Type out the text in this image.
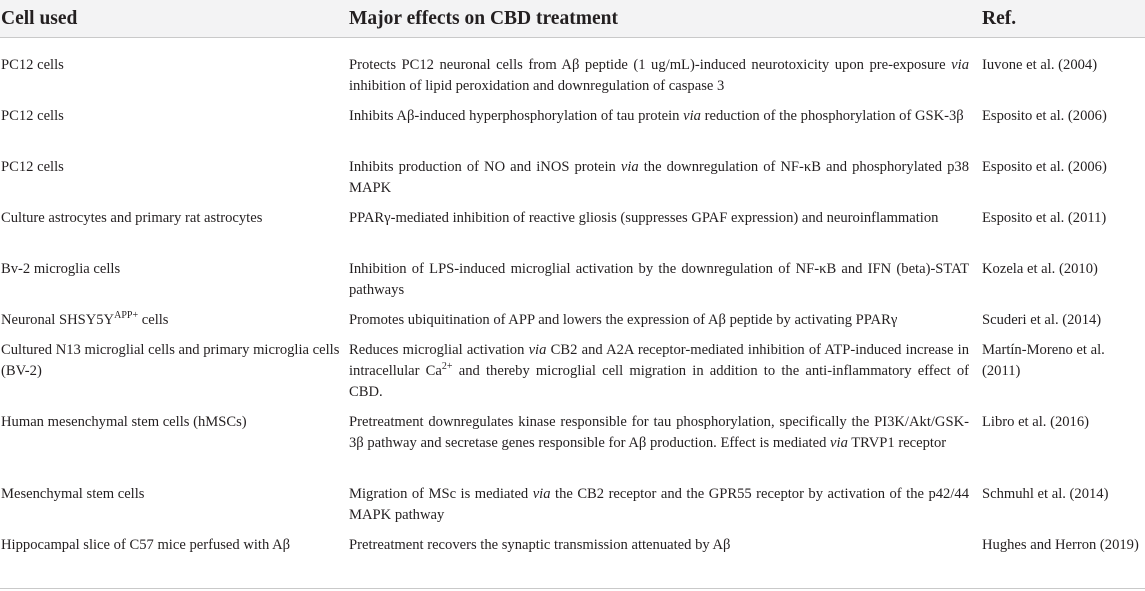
Cell used	Major effects on CBD treatment	Ref.
PC12 cells	Protects PC12 neuronal cells from Aβ peptide (1 ug/mL)-induced neurotoxicity upon pre-exposure via inhibition of lipid peroxidation and downregulation of caspase 3	Iuvone et al. (2004)
PC12 cells	Inhibits Aβ-induced hyperphosphorylation of tau protein via reduction of the phosphorylation of GSK-3β	Esposito et al. (2006)
PC12 cells	Inhibits production of NO and iNOS protein via the downregulation of NF-κB and phosphorylated p38 MAPK	Esposito et al. (2006)
Culture astrocytes and primary rat astrocytes	PPARγ-mediated inhibition of reactive gliosis (suppresses GPAF expression) and neuroinflammation	Esposito et al. (2011)
Bv-2 microglia cells	Inhibition of LPS-induced microglial activation by the downregulation of NF-κB and IFN (beta)-STAT pathways	Kozela et al. (2010)
Neuronal $SHSY5Y^{APP+}$ cells	Promotes ubiquitination of APP and lowers the expression of Aβ peptide by activating PPARγ	Scuderi et al. (2014)
Cultured N13 microglial cells and primary microglia cells (BV-2)	Reduces microglial activation via CB2 and A2A receptor-mediated inhibition of ATP-induced increase in intracellular $Ca^{2+}$ and thereby microglial cell migration in addition to the anti-inflammatory effect of CBD.	Martín-Moreno et al. (2011)
Human mesenchymal stem cells (hMSCs)	Pretreatment downregulates kinase responsible for tau phosphorylation, specifically the PI3K/Akt/GSK-3β pathway and secretase genes responsible for Aβ production. Effect is mediated via TRVP1 receptor	Libro et al. (2016)
Mesenchymal stem cells	Migration of MSc is mediated via the CB2 receptor and the GPR55 receptor by activation of the p42/44 MAPK pathway	Schmuhl et al. (2014)
Hippocampal slice of C57 mice perfused with Aβ	Pretreatment recovers the synaptic transmission attenuated by Aβ	Hughes and Herron (2019)
